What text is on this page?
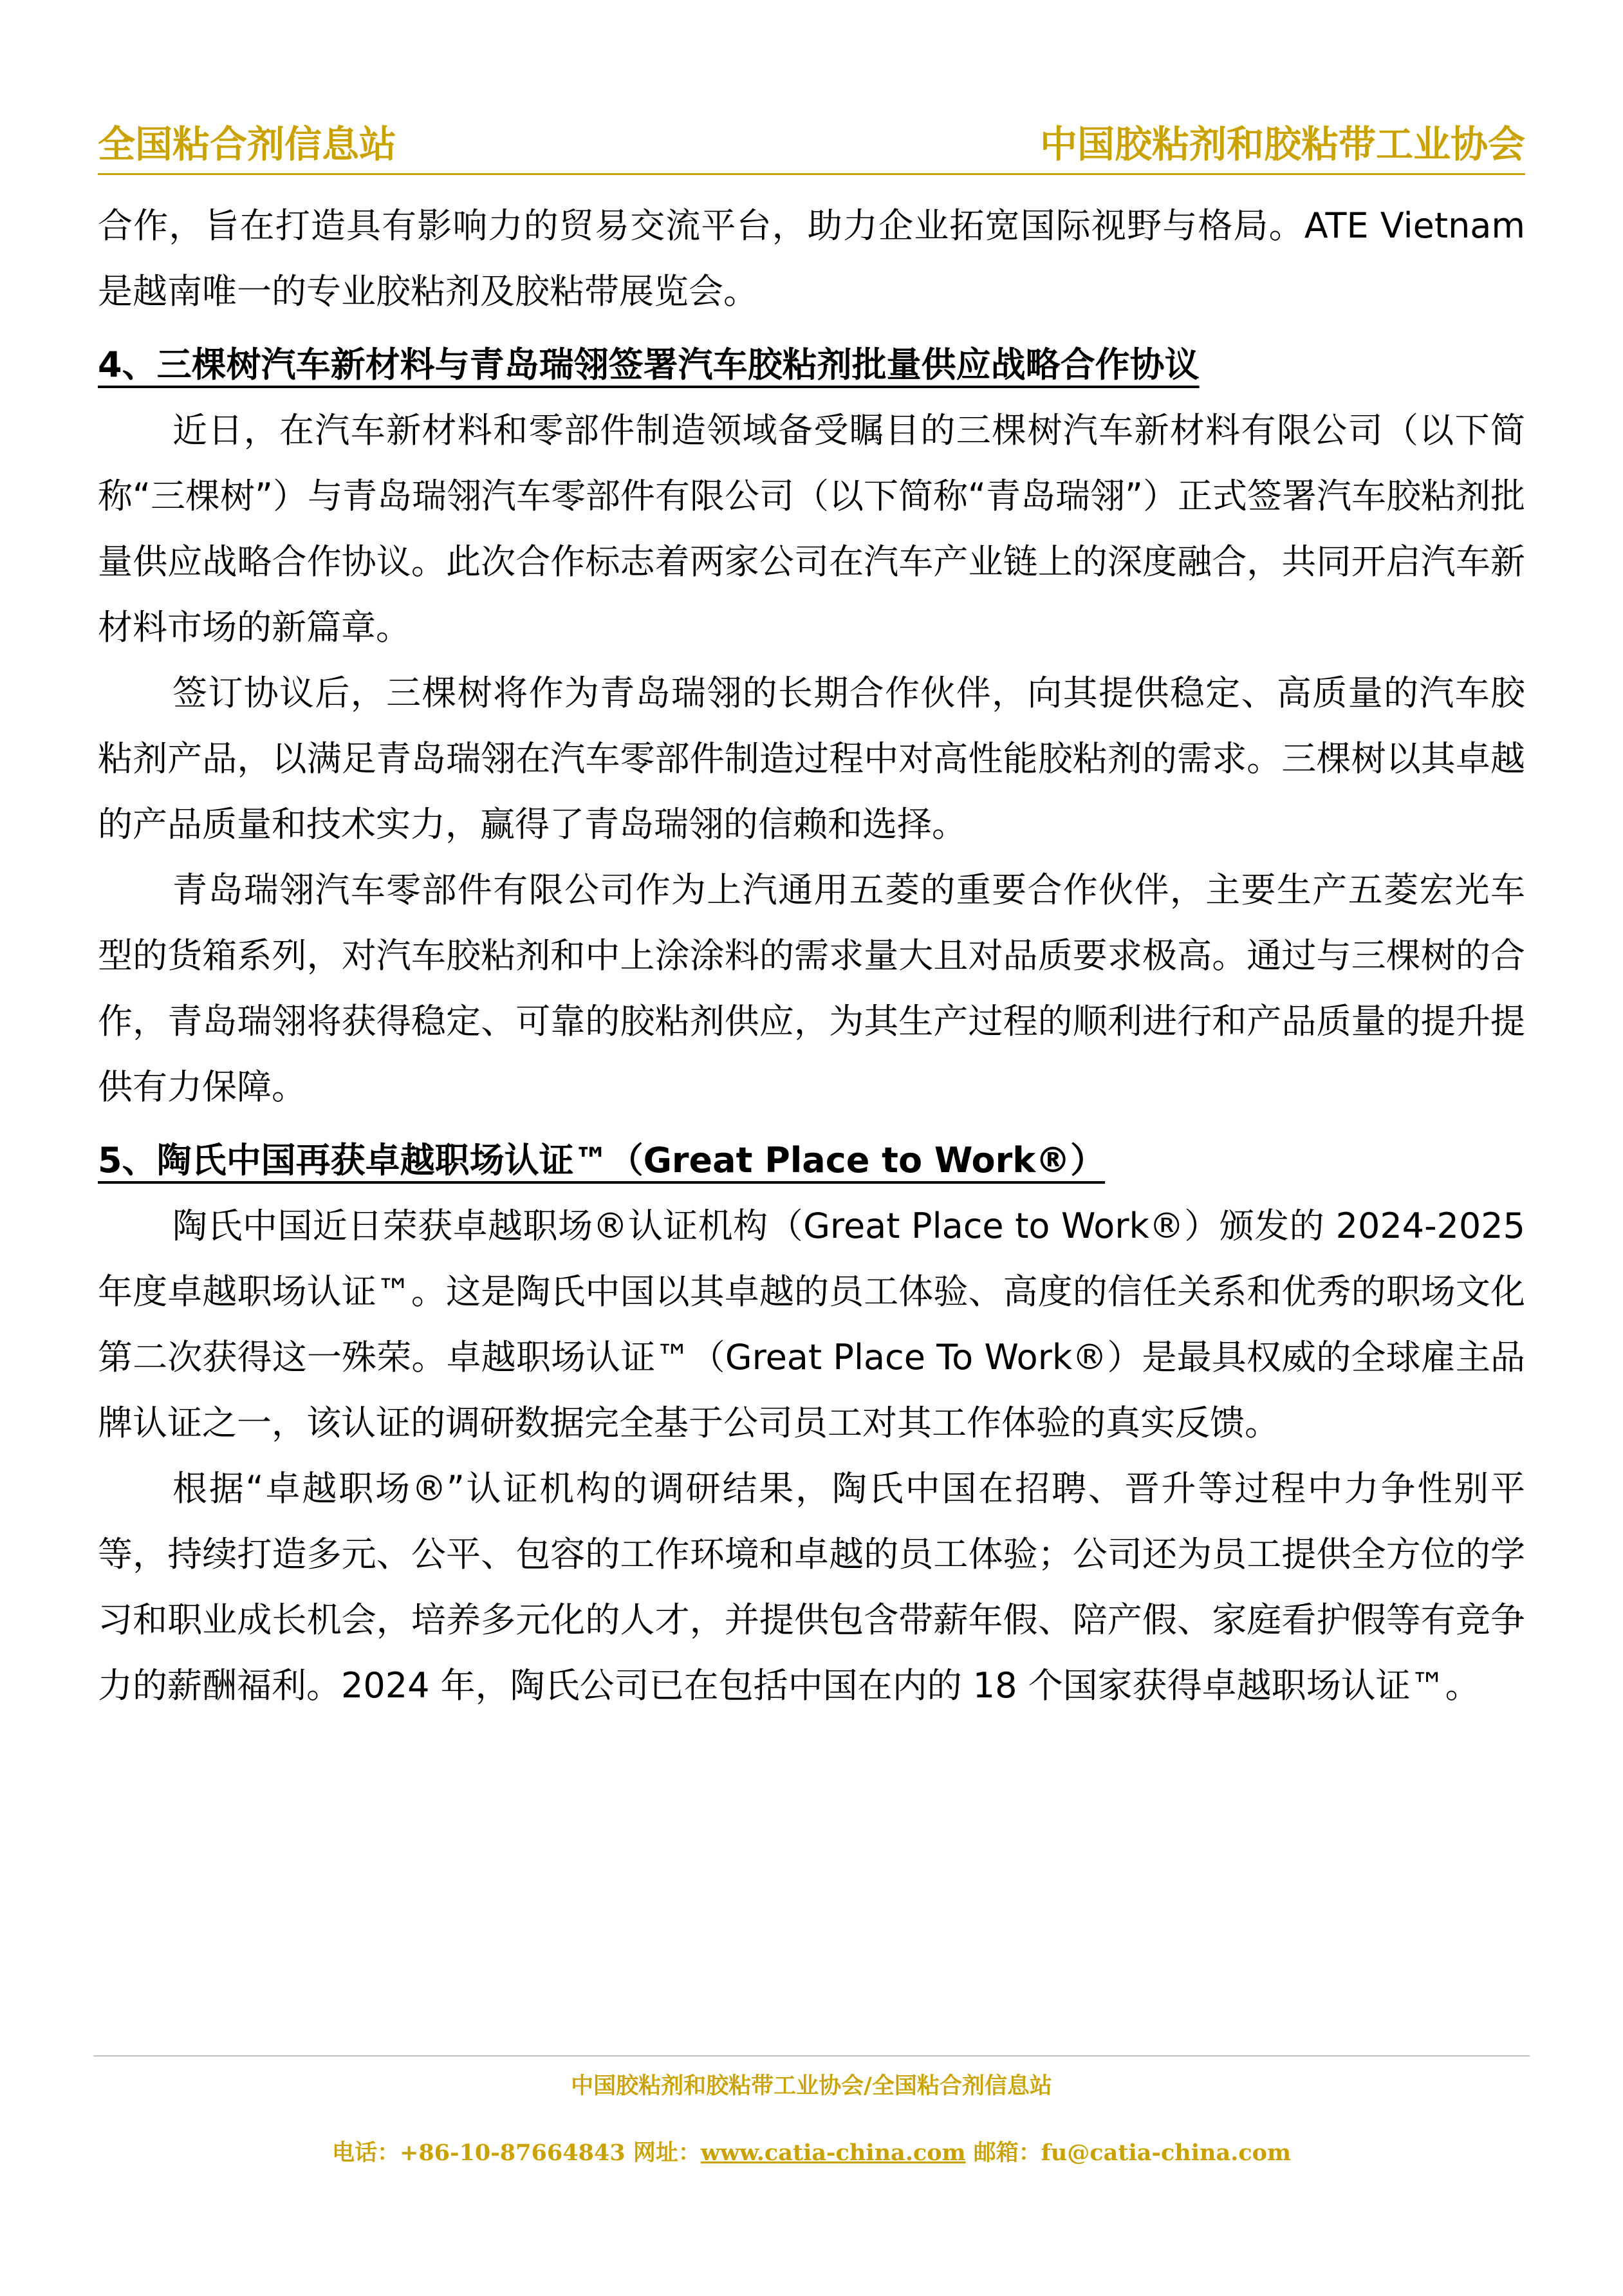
全国粘合剂信息站	中国胶粘剂和胶粘带工业协会

合作，旨在打造具有影响力的贸易交流平台，助力企业拓宽国际视野与格局。ATE Vietnam 是越南唯一的专业胶粘剂及胶粘带展览会。

4、三棵树汽车新材料与青岛瑞翎签署汽车胶粘剂批量供应战略合作协议

近日，在汽车新材料和零部件制造领域备受瞩目的三棵树汽车新材料有限公司（以下简称“三棵树”）与青岛瑞翎汽车零部件有限公司（以下简称“青岛瑞翎”）正式签署汽车胶粘剂批量供应战略合作协议。此次合作标志着两家公司在汽车产业链上的深度融合，共同开启汽车新材料市场的新篇章。

签订协议后，三棵树将作为青岛瑞翎的长期合作伙伴，向其提供稳定、高质量的汽车胶粘剂产品，以满足青岛瑞翎在汽车零部件制造过程中对高性能胶粘剂的需求。三棵树以其卓越的产品质量和技术实力，赢得了青岛瑞翎的信赖和选择。

青岛瑞翎汽车零部件有限公司作为上汽通用五菱的重要合作伙伴，主要生产五菱宏光车型的货箱系列，对汽车胶粘剂和中上涂涂料的需求量大且对品质要求极高。通过与三棵树的合作，青岛瑞翎将获得稳定、可靠的胶粘剂供应，为其生产过程的顺利进行和产品质量的提升提供有力保障。

5、陶氏中国再获卓越职场认证™（Great Place to Work®）

陶氏中国近日荣获卓越职场®认证机构（Great Place to Work®）颁发的 2024-2025 年度卓越职场认证™。这是陶氏中国以其卓越的员工体验、高度的信任关系和优秀的职场文化第二次获得这一殊荣。卓越职场认证™（Great Place To Work®）是最具权威的全球雇主品牌认证之一，该认证的调研数据完全基于公司员工对其工作体验的真实反馈。

根据“卓越职场®”认证机构的调研结果，陶氏中国在招聘、晋升等过程中力争性别平等，持续打造多元、公平、包容的工作环境和卓越的员工体验；公司还为员工提供全方位的学习和职业成长机会，培养多元化的人才，并提供包含带薪年假、陪产假、家庭看护假等有竞争力的薪酬福利。2024 年，陶氏公司已在包括中国在内的 18 个国家获得卓越职场认证™。

中国胶粘剂和胶粘带工业协会/全国粘合剂信息站
电话：+86-10-87664843 网址：www.catia-china.com 邮箱：fu@catia-china.com
